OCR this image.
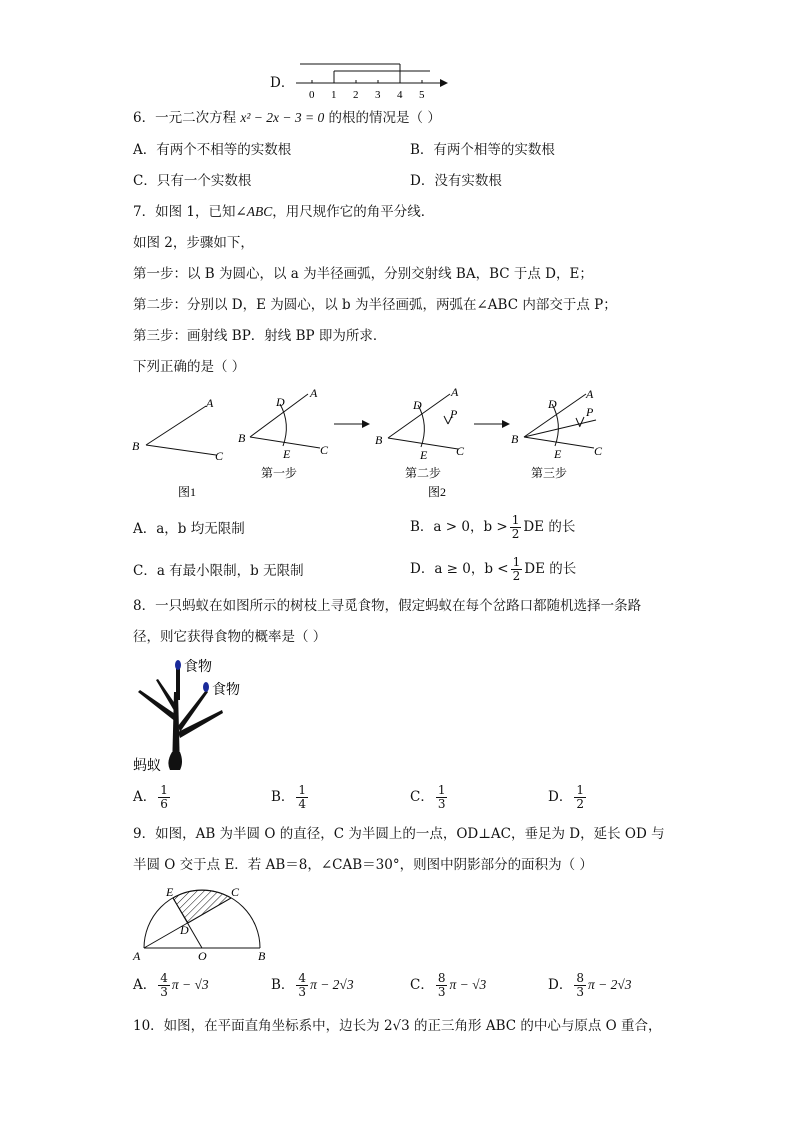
D．
0 1 2 3 4 5
6．一元二次方程 x² − 2x − 3 = 0 的根的情况是（ ）
A．有两个不相等的实数根	B．有两个相等的实数根
C．只有一个实数根	D．没有实数根
7．如图 1，已知∠ABC，用尺规作它的角平分线．
如图 2，步骤如下，
第一步：以 B 为圆心，以 a 为半径画弧，分别交射线 BA，BC 于点 D，E；
第二步：分别以 D，E 为圆心，以 b 为半径画弧，两弧在∠ABC 内部交于点 P；
第三步：画射线 BP．射线 BP 即为所求．
下列正确的是（ ）
A
B
C
图1
A
D
B
E C
第一步
A
D
P
B
E C
第二步
图2
A
D
P
B
E	C
第三步
A．a，b 均无限制	B．a > 0，$b > \frac{1}{2}$ DE 的长
C．a 有最小限制，b 无限制	D．a ≥ 0，$b < \frac{1}{2}$ DE 的长
8．一只蚂蚁在如图所示的树枝上寻觅食物，假定蚂蚁在每个岔路口都随机选择一条路
径，则它获得食物的概率是（ ）
食物
食物
蚂蚁
A． $\frac{1}{6}$	B． $\frac{1}{4}$	C． $\frac{1}{3}$	D． $\frac{1}{2}$
9．如图，AB 为半圆 O 的直径，C 为半圆上的一点，OD⊥AC，垂足为 D，延长 OD 与
半圆 O 交于点 E．若 AB＝8，∠CAB＝30°，则图中阴影部分的面积为（ ）
E	C
D
A	O	B
A． $\frac{4}{3}$ π − √3	B． $\frac{4}{3}$ π − 2√3	C． $\frac{8}{3}$ π − √3	D． $\frac{8}{3}$ π − 2√3
10．如图，在平面直角坐标系中，边长为 2√3 的正三角形 ABC 的中心与原点 O 重合，
